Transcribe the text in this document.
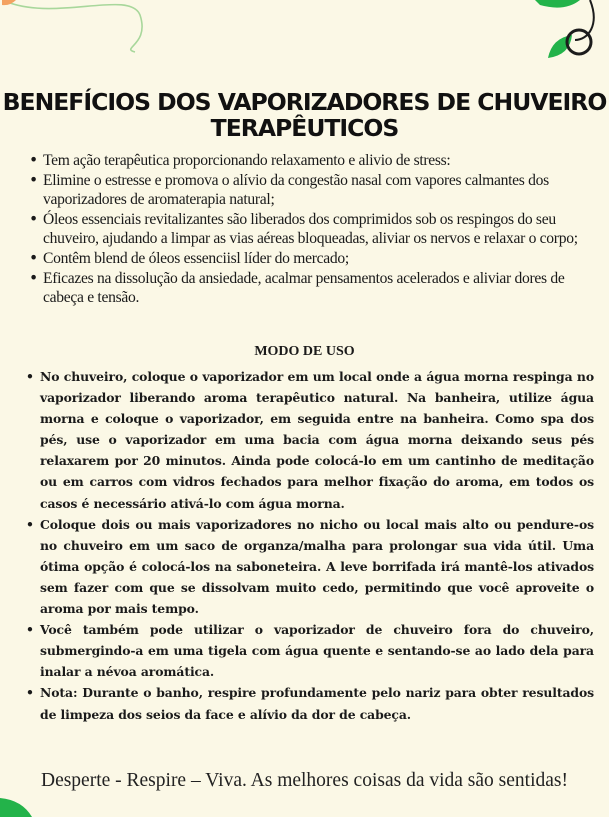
BENEFÍCIOS DOS VAPORIZADORES DE CHUVEIRO TERAPÊUTICOS
• Tem ação terapêutica proporcionando relaxamento e alivio de stress:
• Elimine o estresse e promova o alívio da congestão nasal com vapores calmantes dos vaporizadores de aromaterapia natural;
• Óleos essenciais revitalizantes são liberados dos comprimidos sob os respingos do seu chuveiro, ajudando a limpar as vias aéreas bloqueadas, aliviar os nervos e relaxar o corpo;
• Contêm blend de óleos essenciisl líder do mercado;
• Eficazes na dissolução da ansiedade, acalmar pensamentos acelerados e aliviar dores de cabeça e tensão.
MODO DE USO
• No chuveiro, coloque o vaporizador em um local onde a água morna respinga no vaporizador liberando aroma terapêutico natural. Na banheira, utilize água morna e coloque o vaporizador, em seguida entre na banheira. Como spa dos pés, use o vaporizador em uma bacia com água morna deixando seus pés relaxarem por 20 minutos. Ainda pode colocá-lo em um cantinho de meditação ou em carros com vidros fechados para melhor fixação do aroma, em todos os casos é necessário ativá-lo com água morna.
• Coloque dois ou mais vaporizadores no nicho ou local mais alto ou pendure-os no chuveiro em um saco de organza/malha para prolongar sua vida útil. Uma ótima opção é colocá-los na saboneteira. A leve borrifada irá mantê-los ativados sem fazer com que se dissolvam muito cedo, permitindo que você aproveite o aroma por mais tempo.
• Você também pode utilizar o vaporizador de chuveiro fora do chuveiro, submergindo-a em uma tigela com água quente e sentando-se ao lado dela para inalar a névoa aromática.
• Nota: Durante o banho, respire profundamente pelo nariz para obter resultados de limpeza dos seios da face e alívio da dor de cabeça.
Desperte - Respire – Viva. As melhores coisas da vida são sentidas!
